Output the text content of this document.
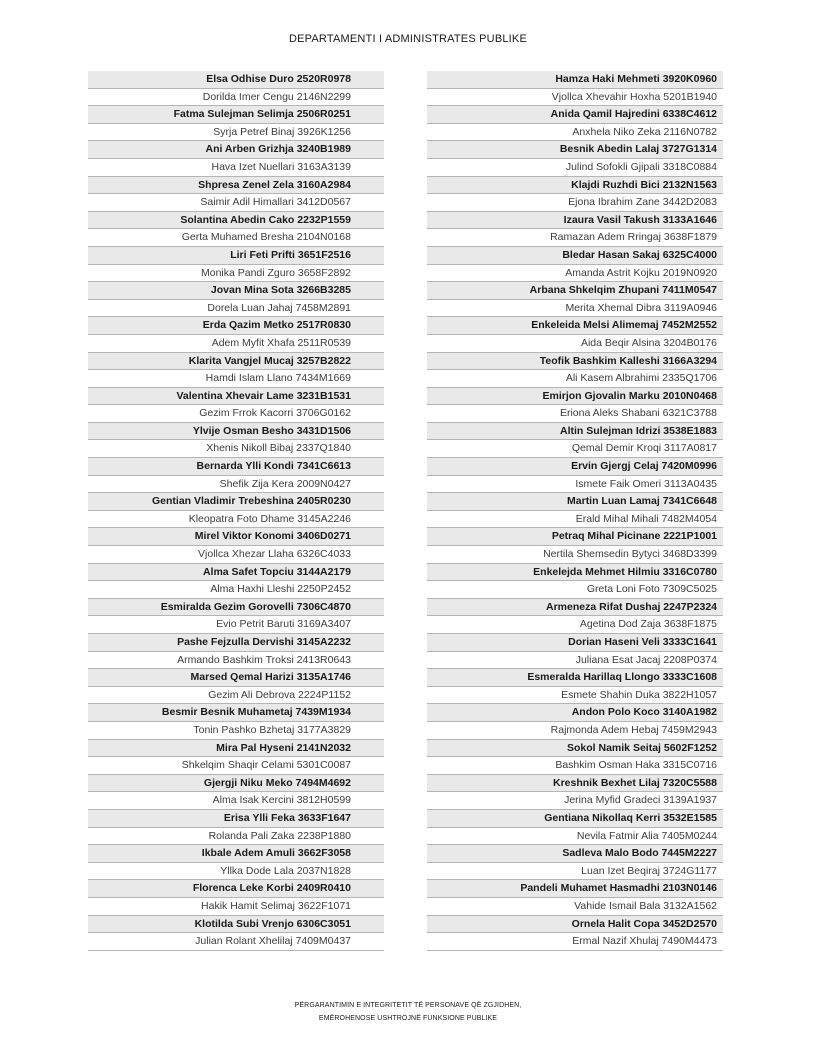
DEPARTAMENTI I ADMINISTRATES PUBLIKE
Elsa Odhise Duro 2520R0978
Dorilda Imer Cengu 2146N2299
Fatma Sulejman Selimja 2506R0251
Syrja Petref Binaj 3926K1256
Ani Arben Grizhja 3240B1989
Hava Izet Nuellari 3163A3139
Shpresa Zenel Zela 3160A2984
Saimir Adil Himallari 3412D0567
Solantina Abedin Cako 2232P1559
Gerta Muhamed Bresha 2104N0168
Liri Feti Prifti 3651F2516
Monika Pandi Zguro 3658F2892
Jovan Mina Sota 3266B3285
Dorela Luan Jahaj 7458M2891
Erda Qazim Metko 2517R0830
Adem Myfit Xhafa 2511R0539
Klarita Vangjel Mucaj 3257B2822
Hamdi Islam Llano 7434M1669
Valentina Xhevair Lame 3231B1531
Gezim Frrok Kacorri 3706G0162
Ylvije Osman Besho 3431D1506
Xhenis Nikoll Bibaj 2337Q1840
Bernarda Ylli Kondi 7341C6613
Shefik Zija Kera 2009N0427
Gentian Vladimir Trebeshina 2405R0230
Kleopatra Foto Dhame 3145A2246
Mirel Viktor Konomi 3406D0271
Vjollca Xhezar Llaha 6326C4033
Alma Safet Topciu 3144A2179
Alma Haxhi Lleshi 2250P2452
Esmiralda Gezim Gorovelli 7306C4870
Evio Petrit Baruti 3169A3407
Pashe Fejzulla Dervishi 3145A2232
Armando Bashkim Troksi 2413R0643
Marsed Qemal Harizi 3135A1746
Gezim Ali Debrova 2224P1152
Besmir Besnik Muhametaj 7439M1934
Tonin Pashko Bzhetaj 3177A3829
Mira Pal Hyseni 2141N2032
Shkelqim Shaqir Celami 5301C0087
Gjergji Niku Meko 7494M4692
Alma Isak Kercini 3812H0599
Erisa Ylli Feka 3633F1647
Rolanda Pali Zaka 2238P1880
Ikbale Adem Amuli 3662F3058
Yllka Dode Lala 2037N1828
Florenca Leke Korbi 2409R0410
Hakik Hamit Selimaj 3622F1071
Klotilda Subi Vrenjo 6306C3051
Julian Rolant Xhelilaj 7409M0437
Hamza Haki Mehmeti 3920K0960
Vjollca Xhevahir Hoxha 5201B1940
Anida Qamil Hajredini 6338C4612
Anxhela Niko Zeka 2116N0782
Besnik Abedin Lalaj 3727G1314
Julind Sofokli Gjipali 3318C0884
Klajdi Ruzhdi Bici 2132N1563
Ejona Ibrahim Zane 3442D2083
Izaura Vasil Takush 3133A1646
Ramazan Adem Rringaj 3638F1879
Bledar Hasan Sakaj 6325C4000
Amanda Astrit Kojku 2019N0920
Arbana Shkelqim Zhupani 7411M0547
Merita Xhemal Dibra 3119A0946
Enkeleida Melsi Alimemaj 7452M2552
Aida Beqir Alsina 3204B0176
Teofik Bashkim Kalleshi 3166A3294
Ali Kasem Albrahimi 2335Q1706
Emirjon Gjovalin Marku 2010N0468
Eriona Aleks Shabani 6321C3788
Altin Sulejman Idrizi 3538E1883
Qemal Demir Kroqi 3117A0817
Ervin Gjergj Celaj 7420M0996
Ismete Faik Omeri 3113A0435
Martin Luan Lamaj 7341C6648
Erald Mihal Mihali 7482M4054
Petraq Mihal Picinane 2221P1001
Nertila Shemsedin Bytyci 3468D3399
Enkelejda Mehmet Hilmiu 3316C0780
Greta Loni Foto 7309C5025
Armeneza Rifat Dushaj 2247P2324
Agetina Dod Zaja 3638F1875
Dorian Haseni Veli 3333C1641
Juliana Esat Jacaj 2208P0374
Esmeralda Harillaq Llongo 3333C1608
Esmete Shahin Duka 3822H1057
Andon Polo Koco 3140A1982
Rajmonda Adem Hebaj 7459M2943
Sokol Namik Seitaj 5602F1252
Bashkim Osman Haka 3315C0716
Kreshnik Bexhet Lilaj 7320C5588
Jerina Myfid Gradeci 3139A1937
Gentiana Nikollaq Kerri 3532E1585
Nevila Fatmir Alia 7405M0244
Sadleva Malo Bodo 7445M2227
Luan Izet Beqiraj 3724G1177
Pandeli Muhamet Hasmadhi 2103N0146
Vahide Ismail Bala 3132A1562
Ornela Halit Copa 3452D2570
Ermal Nazif Xhulaj 7490M4473
PËRGARANTIMIN E INTEGRITETIT TË PERSONAVE QË ZGJIDHEN,
EMËROHENOSE USHTROJNË FUNKSIONE PUBLIKE
